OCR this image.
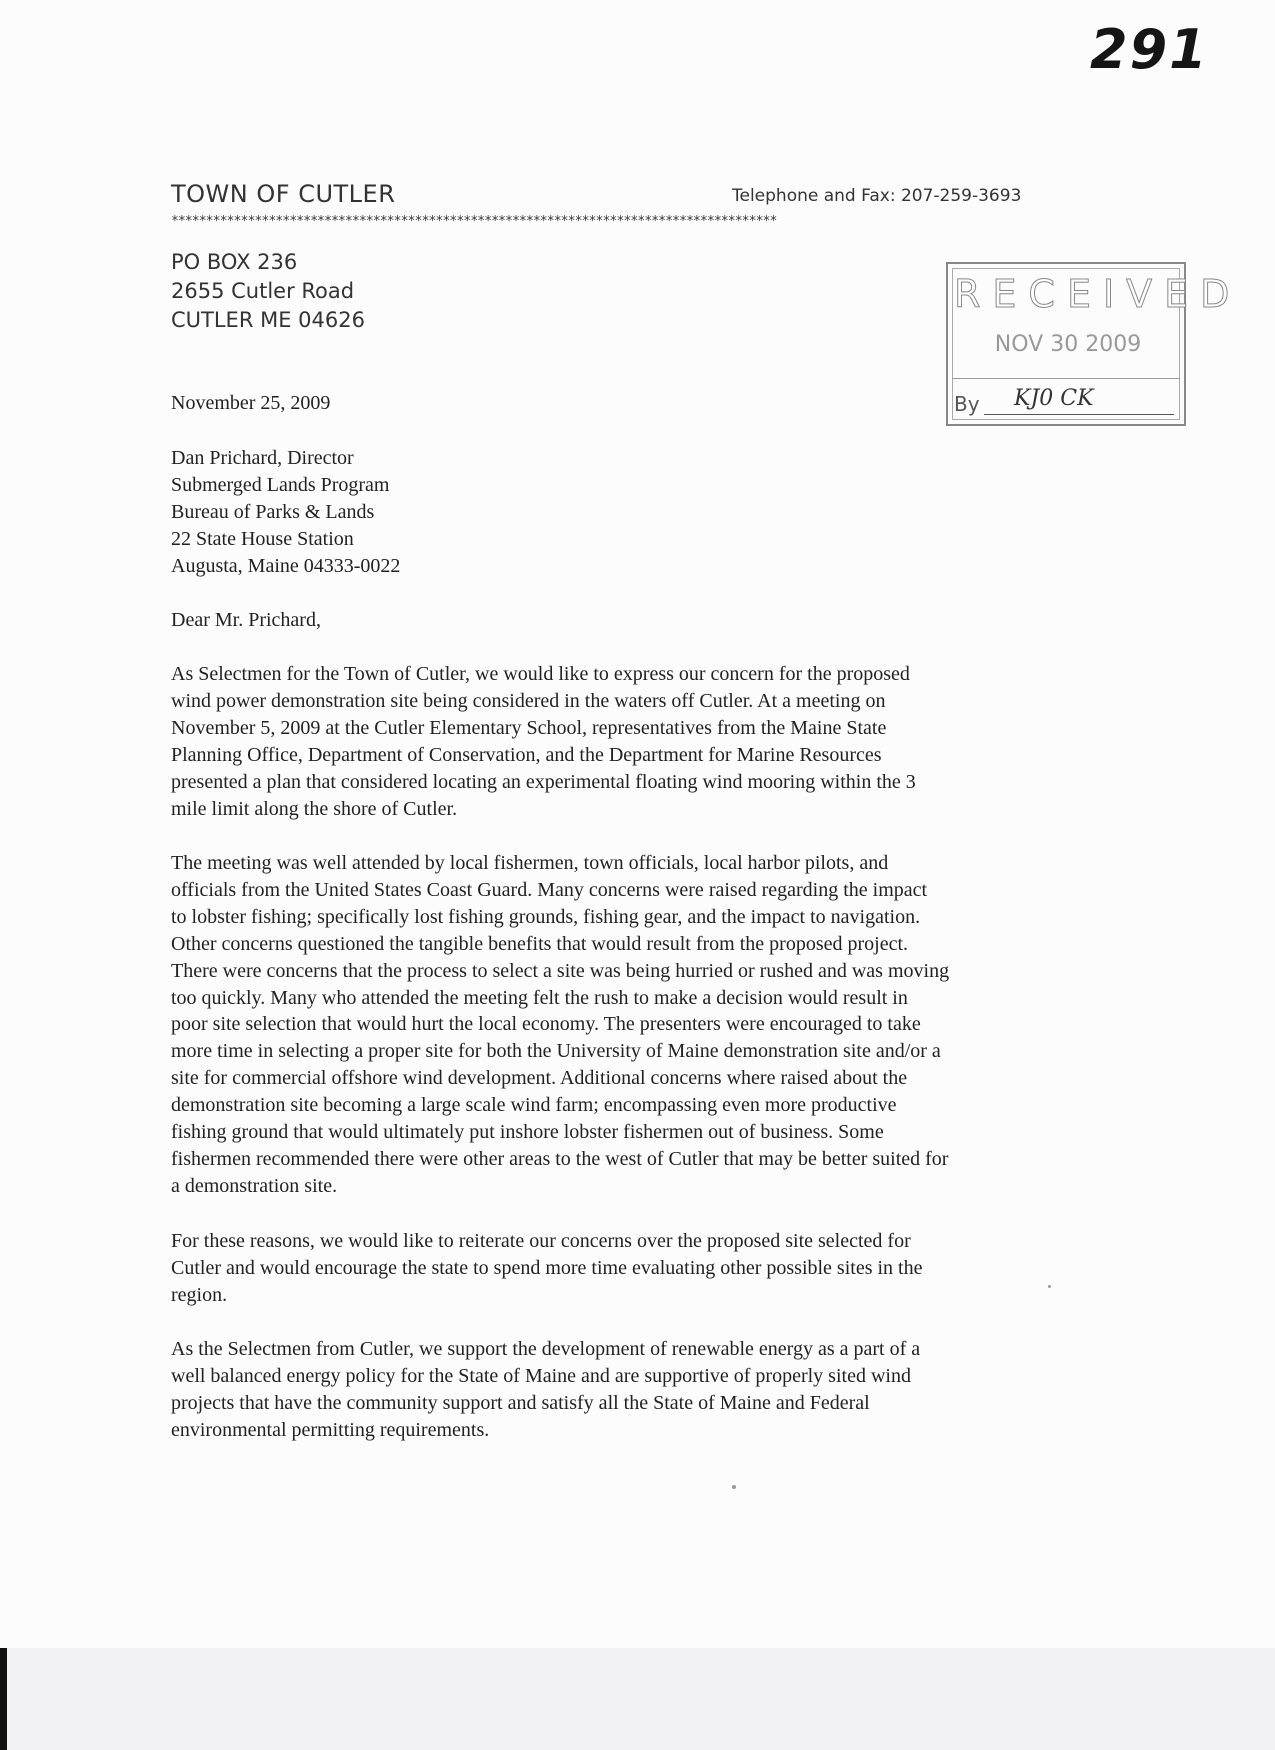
291
TOWN OF CUTLER	Telephone and Fax: 207-259-3693
***************************************************************************************
PO BOX 236
2655 Cutler Road
CUTLER ME 04626
RECEIVED
NOV 30 2009
By KJ0 CK
November 25, 2009
Dan Prichard, Director
Submerged Lands Program
Bureau of Parks & Lands
22 State House Station
Augusta, Maine 04333-0022
Dear Mr. Prichard,
As Selectmen for the Town of Cutler, we would like to express our concern for the proposed
wind power demonstration site being considered in the waters off Cutler. At a meeting on
November 5, 2009 at the Cutler Elementary School, representatives from the Maine State
Planning Office, Department of Conservation, and the Department for Marine Resources
presented a plan that considered locating an experimental floating wind mooring within the 3
mile limit along the shore of Cutler.
The meeting was well attended by local fishermen, town officials, local harbor pilots, and
officials from the United States Coast Guard. Many concerns were raised regarding the impact
to lobster fishing; specifically lost fishing grounds, fishing gear, and the impact to navigation.
Other concerns questioned the tangible benefits that would result from the proposed project.
There were concerns that the process to select a site was being hurried or rushed and was moving
too quickly. Many who attended the meeting felt the rush to make a decision would result in
poor site selection that would hurt the local economy. The presenters were encouraged to take
more time in selecting a proper site for both the University of Maine demonstration site and/or a
site for commercial offshore wind development. Additional concerns where raised about the
demonstration site becoming a large scale wind farm; encompassing even more productive
fishing ground that would ultimately put inshore lobster fishermen out of business. Some
fishermen recommended there were other areas to the west of Cutler that may be better suited for
a demonstration site.
For these reasons, we would like to reiterate our concerns over the proposed site selected for
Cutler and would encourage the state to spend more time evaluating other possible sites in the
region.
As the Selectmen from Cutler, we support the development of renewable energy as a part of a
well balanced energy policy for the State of Maine and are supportive of properly sited wind
projects that have the community support and satisfy all the State of Maine and Federal
environmental permitting requirements.
